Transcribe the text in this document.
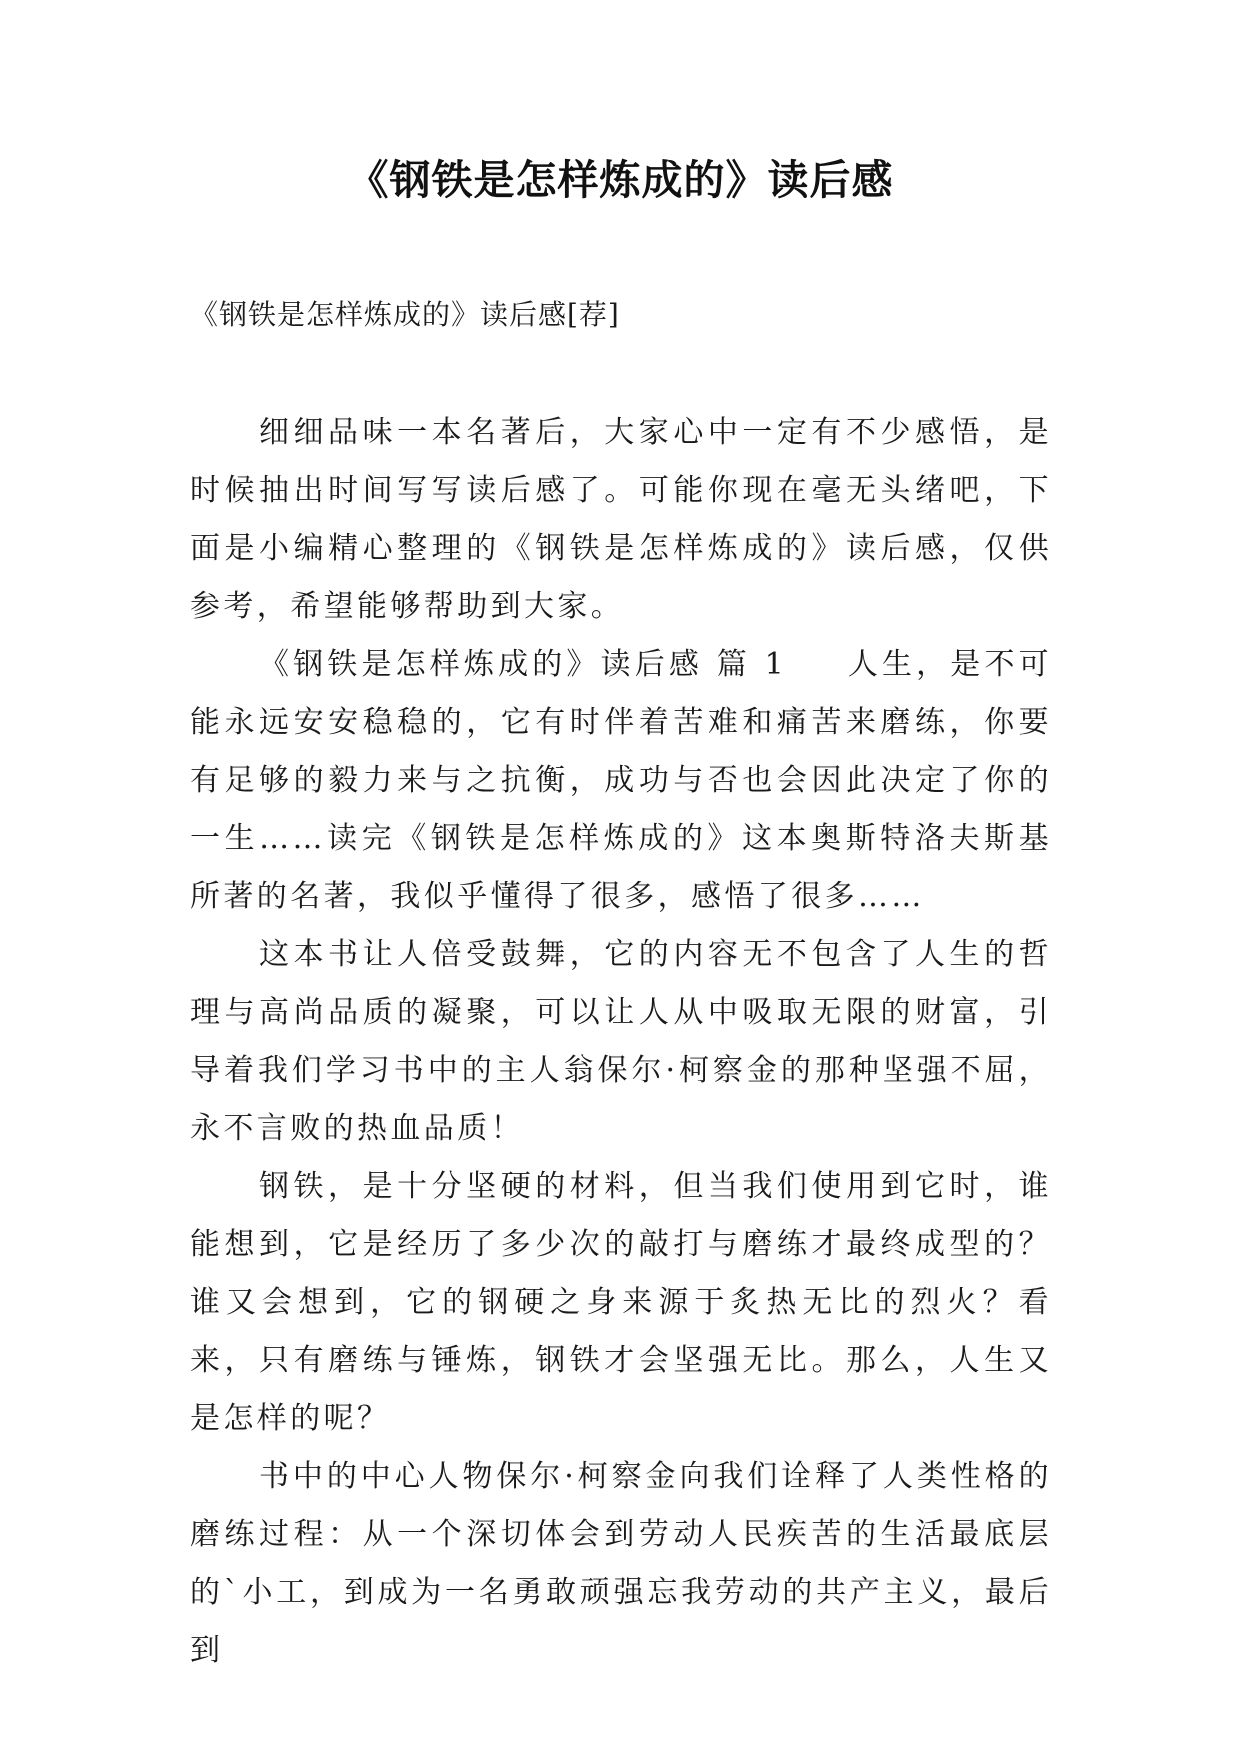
《钢铁是怎样炼成的》读后感
《钢铁是怎样炼成的》读后感[荐]

细细品味一本名著后，大家心中一定有不少感悟，是时候抽出时间写写读后感了。可能你现在毫无头绪吧，下面是小编精心整理的《钢铁是怎样炼成的》读后感，仅供参考，希望能够帮助到大家。

《钢铁是怎样炼成的》读后感 篇 1 人生，是不可能永远安安稳稳的，它有时伴着苦难和痛苦来磨练，你要有足够的毅力来与之抗衡，成功与否也会因此决定了你的一生……读完《钢铁是怎样炼成的》这本奥斯特洛夫斯基所著的名著，我似乎懂得了很多，感悟了很多……

这本书让人倍受鼓舞，它的内容无不包含了人生的哲理与高尚品质的凝聚，可以让人从中吸取无限的财富，引导着我们学习书中的主人翁保尔·柯察金的那种坚强不屈，永不言败的热血品质！

钢铁，是十分坚硬的材料，但当我们使用到它时，谁能想到，它是经历了多少次的敲打与磨练才最终成型的？谁又会想到，它的钢硬之身来源于炙热无比的烈火？看来，只有磨练与锤炼，钢铁才会坚强无比。那么，人生又是怎样的呢？

书中的中心人物保尔·柯察金向我们诠释了人类性格的磨练过程：从一个深切体会到劳动人民疾苦的生活最底层的`小工，到成为一名勇敢顽强忘我劳动的共产主义，最后到
